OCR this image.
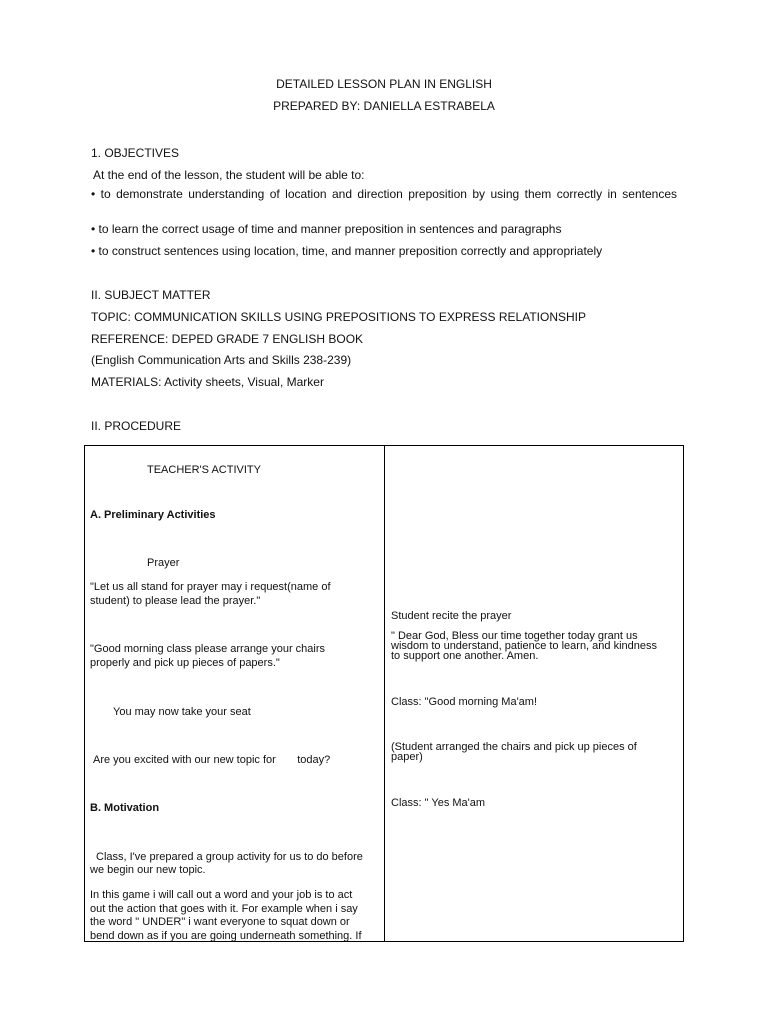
DETAILED LESSON PLAN IN ENGLISH
PREPARED BY: DANIELLA ESTRABELA
1. OBJECTIVES
At the end of the lesson, the student will be able to:
• to demonstrate understanding of location and direction preposition by using them correctly in sentences
• to learn the correct usage of time and manner preposition in sentences and paragraphs
• to construct sentences using location, time, and manner preposition correctly and appropriately
II. SUBJECT MATTER
TOPIC: COMMUNICATION SKILLS USING PREPOSITIONS TO EXPRESS RELATIONSHIP
REFERENCE: DEPED GRADE 7 ENGLISH BOOK
(English Communication Arts and Skills 238-239)
MATERIALS: Activity sheets, Visual, Marker
II. PROCEDURE
TEACHER'S ACTIVITY
A. Preliminary Activities
Prayer
"Let us all stand for prayer may i request(name of
student) to please lead the prayer."
"Good morning class please arrange your chairs
properly and pick up pieces of papers."
You may now take your seat
Are you excited with our new topic for       today?
B. Motivation
Class, I've prepared a group activity for us to do before
we begin our new topic.
In this game i will call out a word and your job is to act
out the action that goes with it. For example when i say
the word " UNDER" i want everyone to squat down or
bend down as if you are going underneath something. If
Student recite the prayer
" Dear God, Bless our time together today grant us
wisdom to understand, patience to learn, and kindness
to support one another. Amen.
Class: "Good morning Ma'am!
(Student arranged the chairs and pick up pieces of
paper)
Class: " Yes Ma'am
